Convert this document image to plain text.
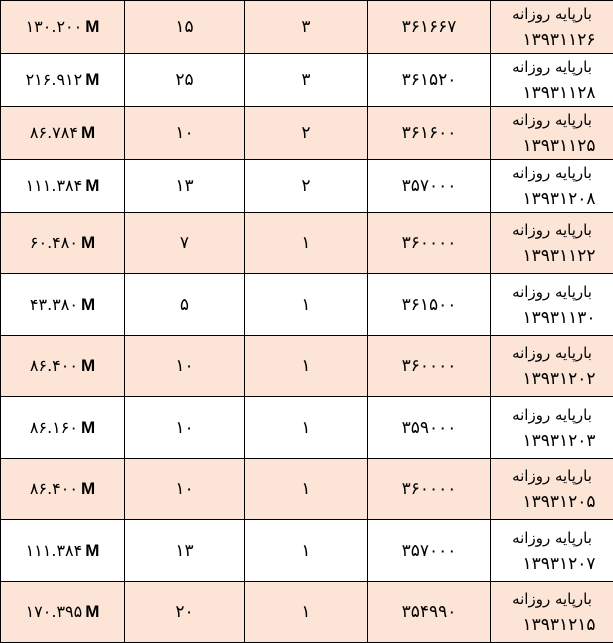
۱۳۰.۲۰۰ M	۱۵	۳	۳۶۱۶۶۷	بارپایه روزانه
۱۳۹۳۱۱۲۶

۲۱۶.۹۱۲ M	۲۵	۳	۳۶۱۵۲۰	بارپایه روزانه
۱۳۹۳۱۱۲۸

۸۶.۷۸۴ M	۱۰	۲	۳۶۱۶۰۰	بارپایه روزانه
۱۳۹۳۱۱۲۵

۱۱۱.۳۸۴ M	۱۳	۲	۳۵۷۰۰۰	بارپایه روزانه
۱۳۹۳۱۲۰۸

۶۰.۴۸۰ M	۷	۱	۳۶۰۰۰۰	بارپایه روزانه
۱۳۹۳۱۱۲۲

۴۳.۳۸۰ M	۵	۱	۳۶۱۵۰۰	بارپایه روزانه
۱۳۹۳۱۱۳۰

۸۶.۴۰۰ M	۱۰	۱	۳۶۰۰۰۰	بارپایه روزانه
۱۳۹۳۱۲۰۲

۸۶.۱۶۰ M	۱۰	۱	۳۵۹۰۰۰	بارپایه روزانه
۱۳۹۳۱۲۰۳

۸۶.۴۰۰ M	۱۰	۱	۳۶۰۰۰۰	بارپایه روزانه
۱۳۹۳۱۲۰۵

۱۱۱.۳۸۴ M	۱۳	۱	۳۵۷۰۰۰	بارپایه روزانه
۱۳۹۳۱۲۰۷

۱۷۰.۳۹۵ M	۲۰	۱	۳۵۴۹۹۰	بارپایه روزانه
۱۳۹۳۱۲۱۵
